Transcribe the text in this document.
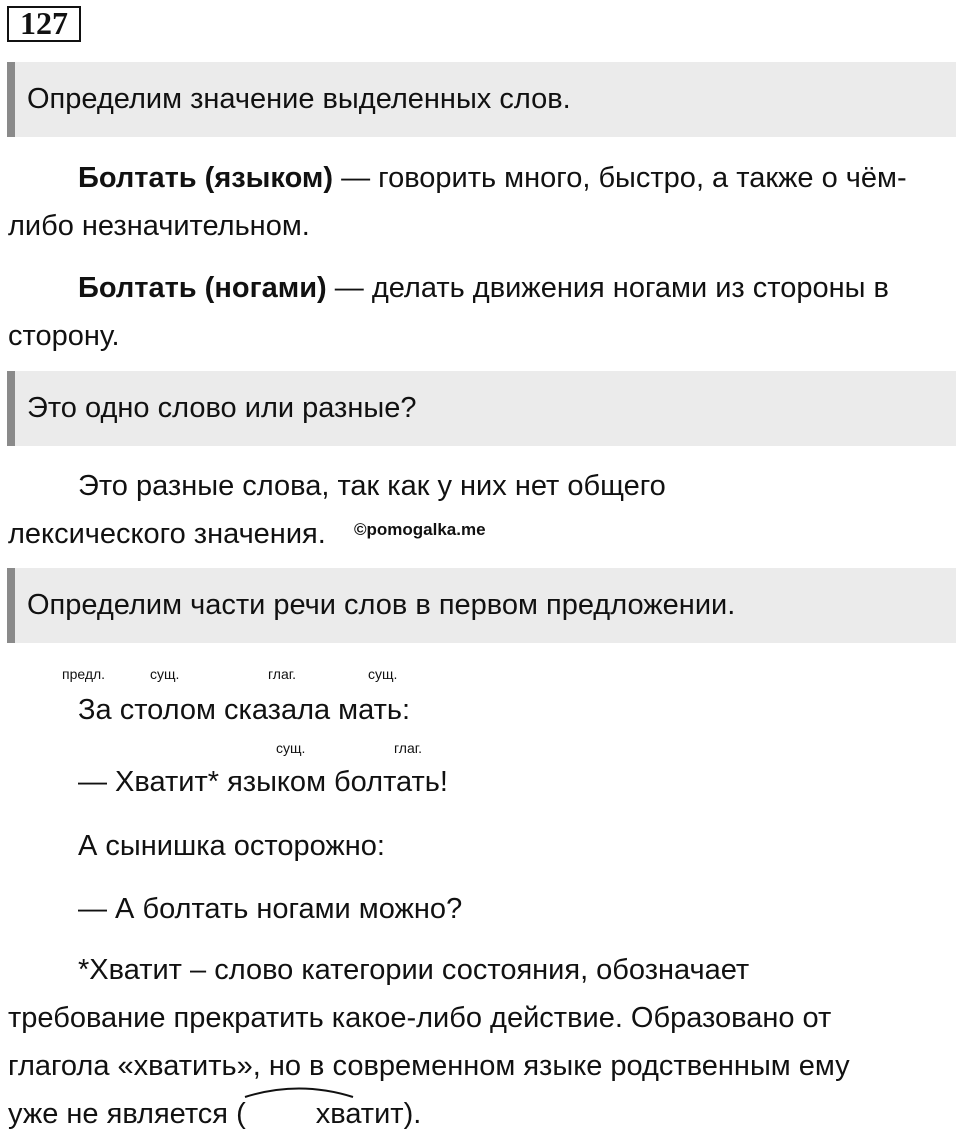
127
Определим значение выделенных слов.
Болтать (языком) — говорить много, быстро, а также о чём-либо незначительном.
Болтать (ногами) — делать движения ногами из стороны в сторону.
Это одно слово или разные?
Это разные слова, так как у них нет общего лексического значения.	©pomogalka.me
Определим части речи слов в первом предложении.
предл.	сущ.	глаг.	сущ.
За столом сказала мать:
сущ.	глаг.
— Хватит* языком болтать!
А сынишка осторожно:
— А болтать ногами можно?
*Хватит – слово категории состояния, обозначает требование прекратить какое-либо действие. Образовано от глагола «хватить», но в современном языке родственным ему уже не является ( хватит).
